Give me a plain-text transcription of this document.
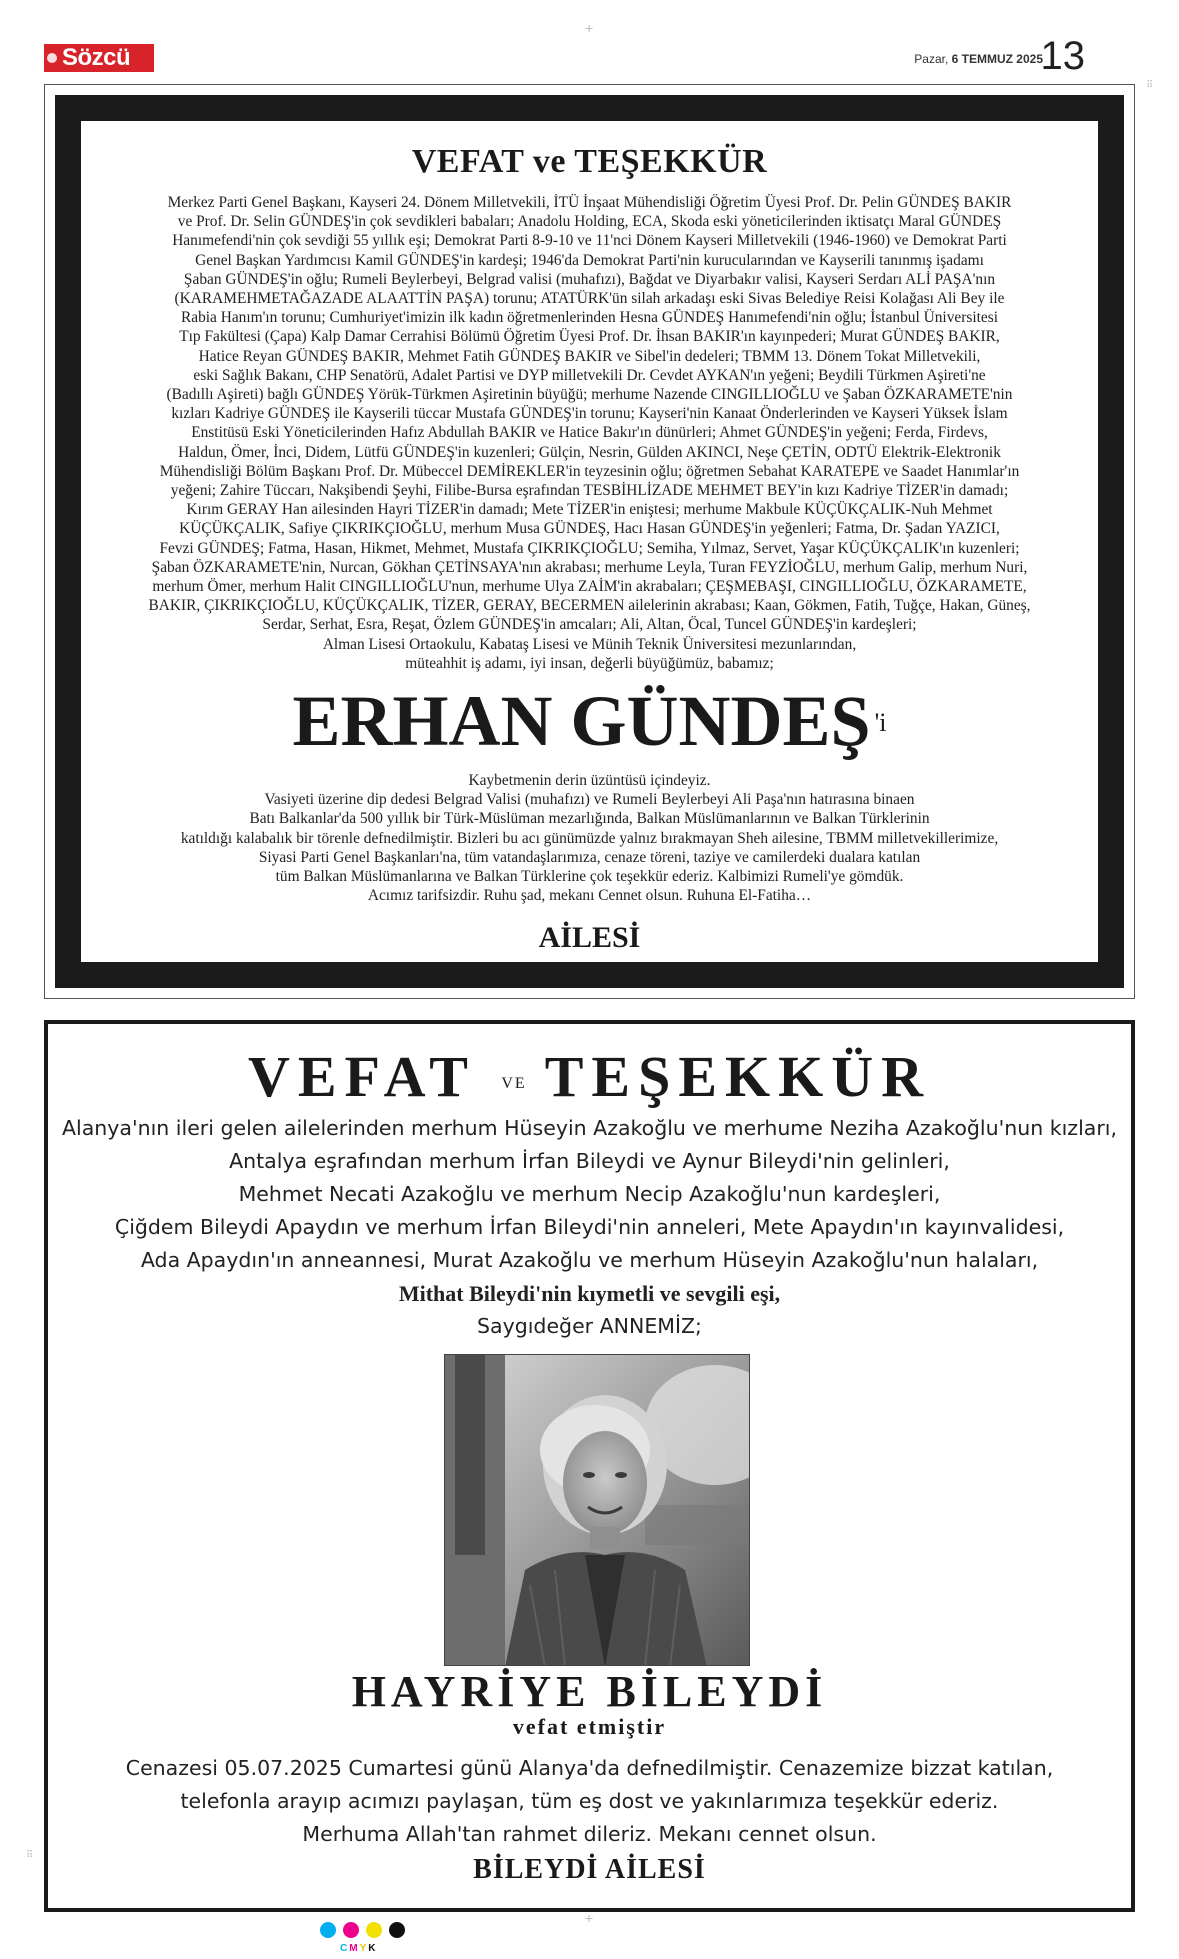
Sözcü	Pazar, 6 TEMMUZ 2025
13
+
⠿
+
⠿
VEFAT ve TEŞEKKÜR
Merkez Parti Genel Başkanı, Kayseri 24. Dönem Milletvekili, İTÜ İnşaat Mühendisliği Öğretim Üyesi Prof. Dr. Pelin GÜNDEŞ BAKIR
ve Prof. Dr. Selin GÜNDEŞ'in çok sevdikleri babaları; Anadolu Holding, ECA, Skoda eski yöneticilerinden iktisatçı Maral GÜNDEŞ
Hanımefendi'nin çok sevdiği 55 yıllık eşi; Demokrat Parti 8-9-10 ve 11'nci Dönem Kayseri Milletvekili (1946-1960) ve Demokrat Parti
Genel Başkan Yardımcısı Kamil GÜNDEŞ'in kardeşi; 1946'da Demokrat Parti'nin kurucularından ve Kayserili tanınmış işadamı
Şaban GÜNDEŞ'in oğlu; Rumeli Beylerbeyi, Belgrad valisi (muhafızı), Bağdat ve Diyarbakır valisi, Kayseri Serdarı ALİ PAŞA'nın
(KARAMEHMETAĞAZADE ALAATTİN PAŞA) torunu; ATATÜRK'ün silah arkadaşı eski Sivas Belediye Reisi Kolağası Ali Bey ile
Rabia Hanım'ın torunu; Cumhuriyet'imizin ilk kadın öğretmenlerinden Hesna GÜNDEŞ Hanımefendi'nin oğlu; İstanbul Üniversitesi
Tıp Fakültesi (Çapa) Kalp Damar Cerrahisi Bölümü Öğretim Üyesi Prof. Dr. İhsan BAKIR'ın kayınpederi; Murat GÜNDEŞ BAKIR,
Hatice Reyan GÜNDEŞ BAKIR, Mehmet Fatih GÜNDEŞ BAKIR ve Sibel'in dedeleri; TBMM 13. Dönem Tokat Milletvekili,
eski Sağlık Bakanı, CHP Senatörü, Adalet Partisi ve DYP milletvekili Dr. Cevdet AYKAN'ın yeğeni; Beydili Türkmen Aşireti'ne
(Badıllı Aşireti) bağlı GÜNDEŞ Yörük-Türkmen Aşiretinin büyüğü; merhume Nazende CINGILLIOĞLU ve Şaban ÖZKARAMETE'nin
kızları Kadriye GÜNDEŞ ile Kayserili tüccar Mustafa GÜNDEŞ'in torunu; Kayseri'nin Kanaat Önderlerinden ve Kayseri Yüksek İslam
Enstitüsü Eski Yöneticilerinden Hafız Abdullah BAKIR ve Hatice Bakır'ın dünürleri; Ahmet GÜNDEŞ'in yeğeni; Ferda, Firdevs,
Haldun, Ömer, İnci, Didem, Lütfü GÜNDEŞ'in kuzenleri; Gülçin, Nesrin, Gülden AKINCI, Neşe ÇETİN, ODTÜ Elektrik-Elektronik
Mühendisliği Bölüm Başkanı Prof. Dr. Mübeccel DEMİREKLER'in teyzesinin oğlu; öğretmen Sebahat KARATEPE ve Saadet Hanımlar'ın
yeğeni; Zahire Tüccarı, Nakşibendi Şeyhi, Filibe-Bursa eşrafından TESBİHLİZADE MEHMET BEY'in kızı Kadriye TİZER'in damadı;
Kırım GERAY Han ailesinden Hayri TİZER'in damadı; Mete TİZER'in eniştesi; merhume Makbule KÜÇÜKÇALIK-Nuh Mehmet
KÜÇÜKÇALIK, Safiye ÇIKRIKÇIOĞLU, merhum Musa GÜNDEŞ, Hacı Hasan GÜNDEŞ'in yeğenleri; Fatma, Dr. Şadan YAZICI,
Fevzi GÜNDEŞ; Fatma, Hasan, Hikmet, Mehmet, Mustafa ÇIKRIKÇIOĞLU; Semiha, Yılmaz, Servet, Yaşar KÜÇÜKÇALIK'ın kuzenleri;
Şaban ÖZKARAMETE'nin, Nurcan, Gökhan ÇETİNSAYA'nın akrabası; merhume Leyla, Turan FEYZİOĞLU, merhum Galip, merhum Nuri,
merhum Ömer, merhum Halit CINGILLIOĞLU'nun, merhume Ulya ZAİM'in akrabaları; ÇEŞMEBAŞI, CINGILLIOĞLU, ÖZKARAMETE,
BAKIR, ÇIKRIKÇIOĞLU, KÜÇÜKÇALIK, TİZER, GERAY, BECERMEN ailelerinin akrabası; Kaan, Gökmen, Fatih, Tuğçe, Hakan, Güneş,
Serdar, Serhat, Esra, Reşat, Özlem GÜNDEŞ'in amcaları; Ali, Altan, Öcal, Tuncel GÜNDEŞ'in kardeşleri;
Alman Lisesi Ortaokulu, Kabataş Lisesi ve Münih Teknik Üniversitesi mezunlarından,
müteahhit iş adamı, iyi insan, değerli büyüğümüz, babamız;
ERHAN GÜNDEŞ 'i
Kaybetmenin derin üzüntüsü içindeyiz.
Vasiyeti üzerine dip dedesi Belgrad Valisi (muhafızı) ve Rumeli Beylerbeyi Ali Paşa'nın hatırasına binaen
Batı Balkanlar'da 500 yıllık bir Türk-Müslüman mezarlığında, Balkan Müslümanlarının ve Balkan Türklerinin
katıldığı kalabalık bir törenle defnedilmiştir. Bizleri bu acı günümüzde yalnız bırakmayan Sheh ailesine, TBMM milletvekillerimize,
Siyasi Parti Genel Başkanları'na, tüm vatandaşlarımıza, cenaze töreni, taziye ve camilerdeki dualara katılan
tüm Balkan Müslümanlarına ve Balkan Türklerine çok teşekkür ederiz. Kalbimizi Rumeli'ye gömdük.
Acımız tarifsizdir. Ruhu şad, mekanı Cennet olsun. Ruhuna El-Fatiha…
AİLESİ
VEFAT VE TEŞEKKÜR
Alanya'nın ileri gelen ailelerinden merhum Hüseyin Azakoğlu ve merhume Neziha Azakoğlu'nun kızları,
Antalya eşrafından merhum İrfan Bileydi ve Aynur Bileydi'nin gelinleri,
Mehmet Necati Azakoğlu ve merhum Necip Azakoğlu'nun kardeşleri,
Çiğdem Bileydi Apaydın ve merhum İrfan Bileydi'nin anneleri, Mete Apaydın'ın kayınvalidesi,
Ada Apaydın'ın anneannesi, Murat Azakoğlu ve merhum Hüseyin Azakoğlu'nun halaları,
Mithat Bileydi'nin kıymetli ve sevgili eşi,
Saygıdeğer ANNEMİZ;
HAYRİYE BİLEYDİ
vefat etmiştir
Cenazesi 05.07.2025 Cumartesi günü Alanya'da defnedilmiştir. Cenazemize bizzat katılan,
telefonla arayıp acımızı paylaşan, tüm eş dost ve yakınlarımıza teşekkür ederiz.
Merhuma Allah'tan rahmet dileriz. Mekanı cennet olsun.
BİLEYDİ AİLESİ
CMYK
